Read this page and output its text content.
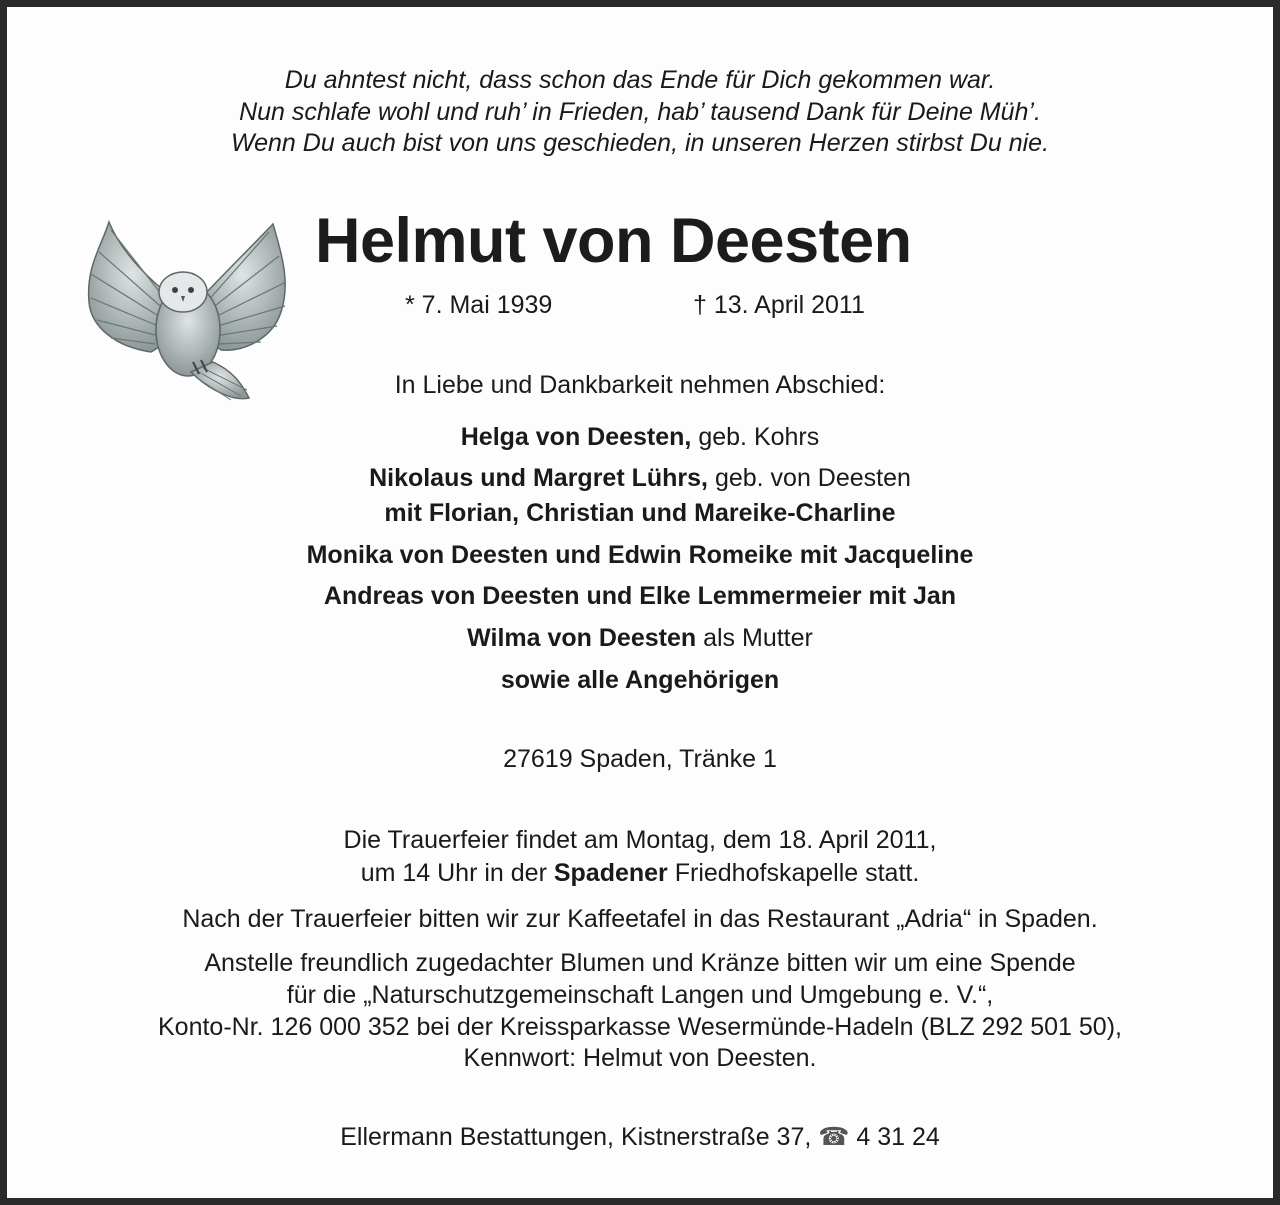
Du ahntest nicht, dass schon das Ende für Dich gekommen war.
Nun schlafe wohl und ruh’ in Frieden, hab’ tausend Dank für Deine Müh’.
Wenn Du auch bist von uns geschieden, in unseren Herzen stirbst Du nie.
Helmut von Deesten
* 7. Mai 1939	† 13. April 2011
In Liebe und Dankbarkeit nehmen Abschied:
Helga von Deesten, geb. Kohrs
Nikolaus und Margret Lührs, geb. von Deesten
mit Florian, Christian und Mareike-Charline
Monika von Deesten und Edwin Romeike mit Jacqueline
Andreas von Deesten und Elke Lemmermeier mit Jan
Wilma von Deesten als Mutter
sowie alle Angehörigen
27619 Spaden, Tränke 1
Die Trauerfeier findet am Montag, dem 18. April 2011,
um 14 Uhr in der Spadener Friedhofskapelle statt.
Nach der Trauerfeier bitten wir zur Kaffeetafel in das Restaurant „Adria“ in Spaden.
Anstelle freundlich zugedachter Blumen und Kränze bitten wir um eine Spende
für die „Naturschutzgemeinschaft Langen und Umgebung e. V.“,
Konto-Nr. 126 000 352 bei der Kreissparkasse Wesermünde-Hadeln (BLZ 292 501 50),
Kennwort: Helmut von Deesten.
Ellermann Bestattungen, Kistnerstraße 37, ☎ 4 31 24
